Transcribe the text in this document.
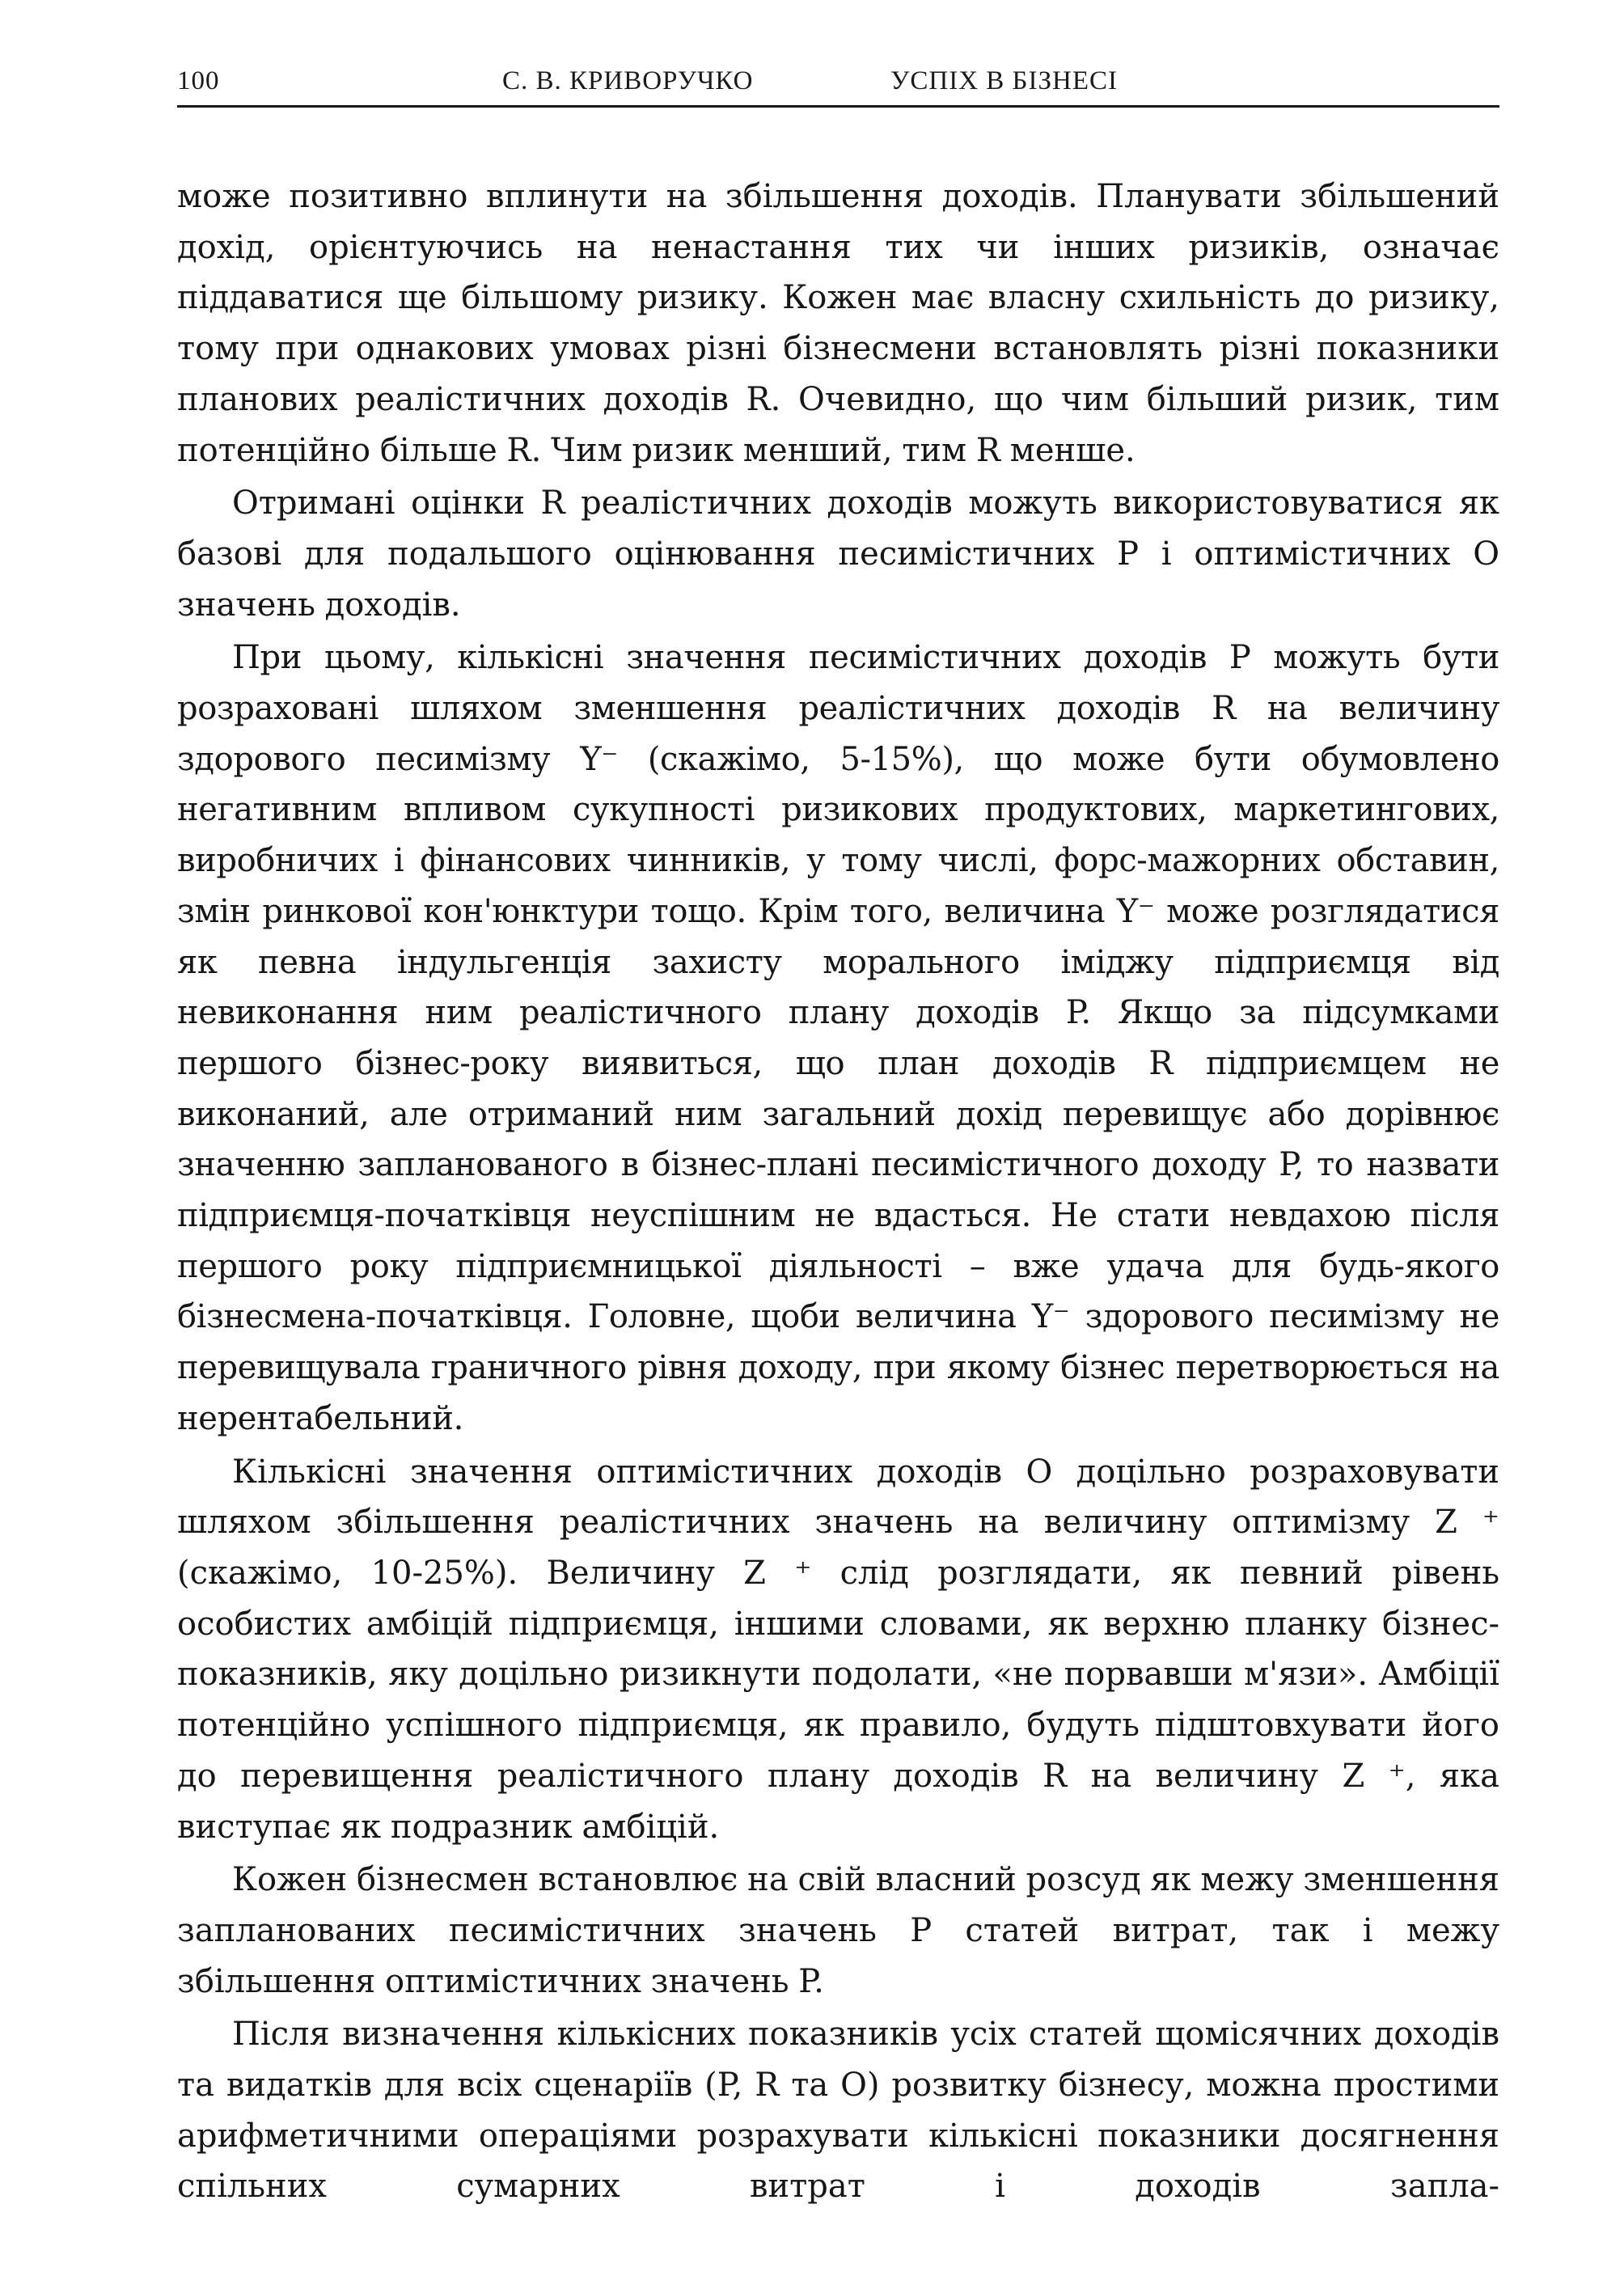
100	С. В. КРИВОРУЧКО	УСПІХ В БІЗНЕСІ

може позитивно вплинути на збільшення доходів. Планувати збільшений дохід, орієнтуючись на ненастання тих чи інших ризиків, означає піддаватися ще більшому ризику. Кожен має власну схильність до ризику, тому при однакових умовах різні бізнесмени встановлять різні показники планових реалістичних доходів R. Очевидно, що чим більший ризик, тим потенційно більше R. Чим ризик менший, тим R менше.

Отримані оцінки R реалістичних доходів можуть використовуватися як базові для подальшого оцінювання песимістичних P і оптимістичних O значень доходів.

При цьому, кількісні значення песимістичних доходів P можуть бути розраховані шляхом зменшення реалістичних доходів R на величину здорового песимізму Y⁻ (скажімо, 5-15%), що може бути обумовлено негативним впливом сукупності ризикових продуктових, маркетингових, виробничих і фінансових чинників, у тому числі, форс-мажорних обставин, змін ринкової кон'юнктури тощо. Крім того, величина Y⁻ може розглядатися як певна індульгенція захисту морального іміджу підприємця від невиконання ним реалістичного плану доходів P. Якщо за підсумками першого бізнес-року виявиться, що план доходів R підприємцем не виконаний, але отриманий ним загальний дохід перевищує або дорівнює значенню запланованого в бізнес-плані песимістичного доходу P, то назвати підприємця-початківця неуспішним не вдасться. Не стати невдахою після першого року підприємницької діяльності – вже удача для будь-якого бізнесмена-початківця. Головне, щоби величина Y⁻ здорового песимізму не перевищувала граничного рівня доходу, при якому бізнес перетворюється на нерентабельний.

Кількісні значення оптимістичних доходів O доцільно розраховувати шляхом збільшення реалістичних значень на величину оптимізму Z ⁺ (скажімо, 10-25%). Величину Z ⁺ слід розглядати, як певний рівень особистих амбіцій підприємця, іншими словами, як верхню планку бізнес-показників, яку доцільно ризикнути подолати, «не порвавши м'язи». Амбіції потенційно успішного підприємця, як правило, будуть підштовхувати його до перевищення реалістичного плану доходів R на величину Z ⁺, яка виступає як подразник амбіцій.

Кожен бізнесмен встановлює на свій власний розсуд як межу зменшення запланованих песимістичних значень P статей витрат, так і межу збільшення оптимістичних значень P.

Після визначення кількісних показників усіх статей щомісячних доходів та видатків для всіх сценаріїв (P, R та O) розвитку бізнесу, можна простими арифметичними операціями розрахувати кількісні показники досягнення спільних сумарних витрат і доходів запла-
